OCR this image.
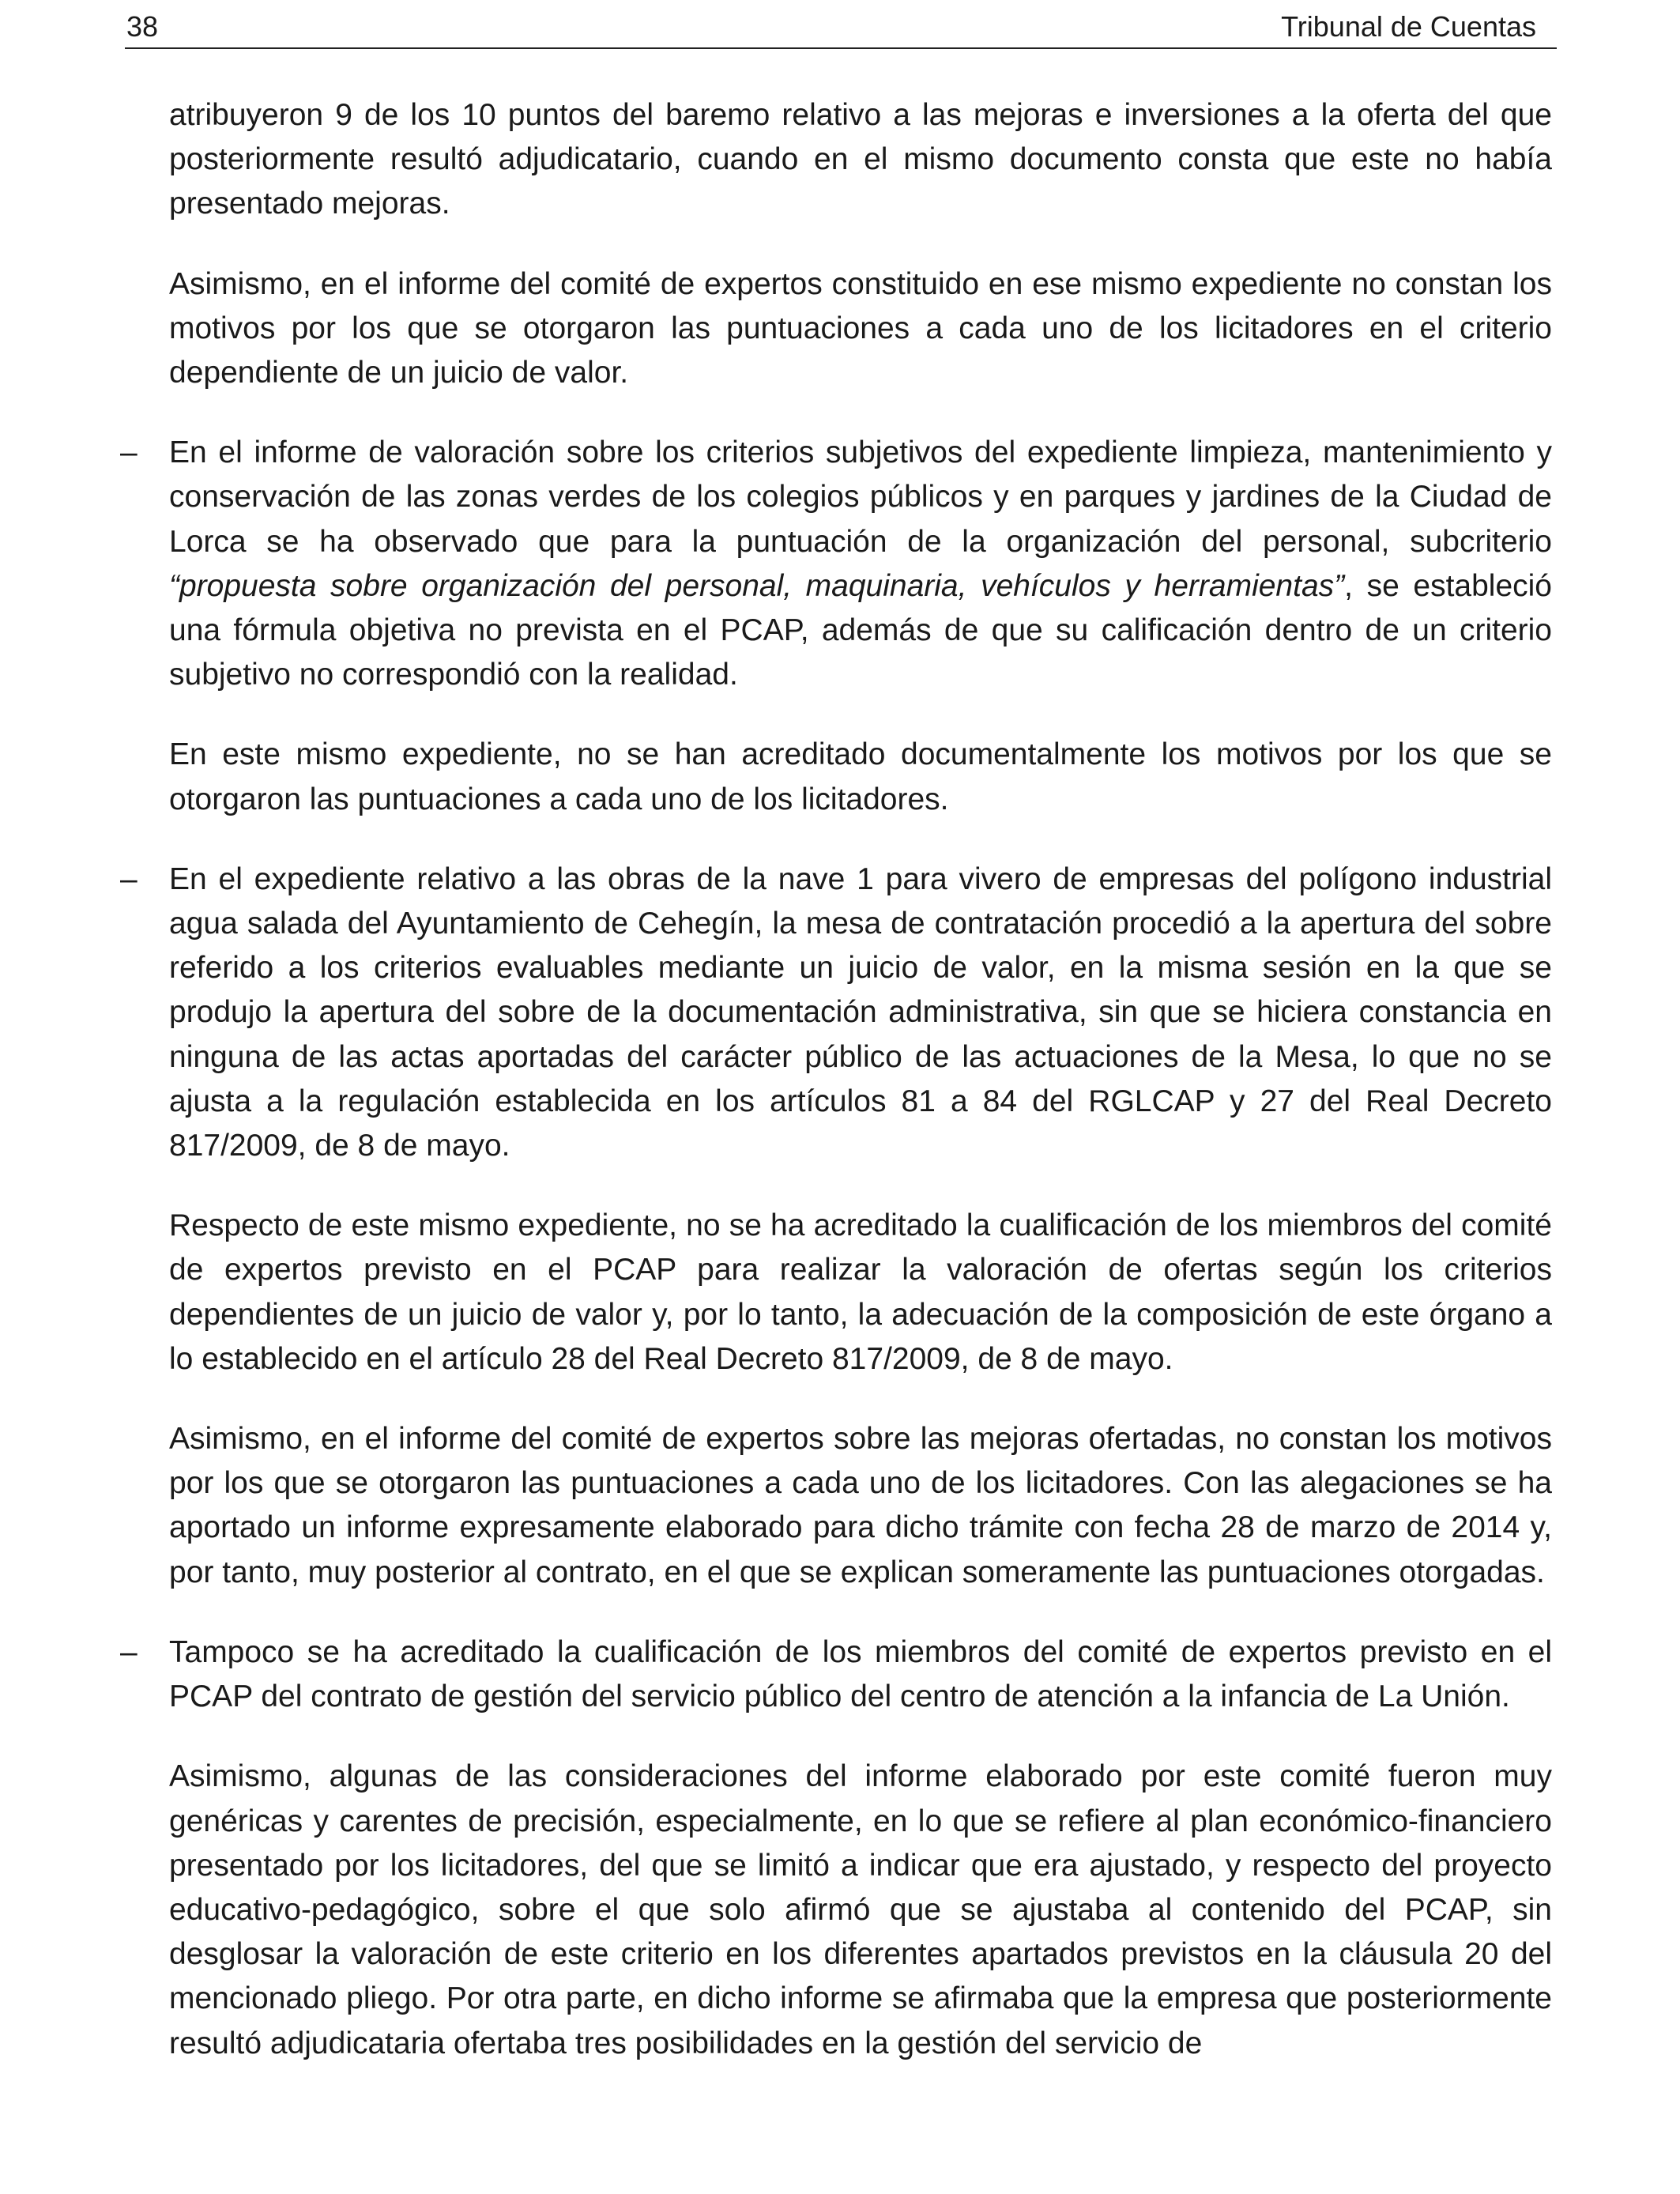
38	Tribunal de Cuentas

atribuyeron 9 de los 10 puntos del baremo relativo a las mejoras e inversiones a la oferta del que posteriormente resultó adjudicatario, cuando en el mismo documento consta que este no había presentado mejoras.

Asimismo, en el informe del comité de expertos constituido en ese mismo expediente no constan los motivos por los que se otorgaron las puntuaciones a cada uno de los licitadores en el criterio dependiente de un juicio de valor.

– En el informe de valoración sobre los criterios subjetivos del expediente limpieza, mantenimiento y conservación de las zonas verdes de los colegios públicos y en parques y jardines de la Ciudad de Lorca se ha observado que para la puntuación de la organización del personal, subcriterio “propuesta sobre organización del personal, maquinaria, vehículos y herramientas”, se estableció una fórmula objetiva no prevista en el PCAP, además de que su calificación dentro de un criterio subjetivo no correspondió con la realidad.

En este mismo expediente, no se han acreditado documentalmente los motivos por los que se otorgaron las puntuaciones a cada uno de los licitadores.

– En el expediente relativo a las obras de la nave 1 para vivero de empresas del polígono industrial agua salada del Ayuntamiento de Cehegín, la mesa de contratación procedió a la apertura del sobre referido a los criterios evaluables mediante un juicio de valor, en la misma sesión en la que se produjo la apertura del sobre de la documentación administrativa, sin que se hiciera constancia en ninguna de las actas aportadas del carácter público de las actuaciones de la Mesa, lo que no se ajusta a la regulación establecida en los artículos 81 a 84 del RGLCAP y 27 del Real Decreto 817/2009, de 8 de mayo.

Respecto de este mismo expediente, no se ha acreditado la cualificación de los miembros del comité de expertos previsto en el PCAP para realizar la valoración de ofertas según los criterios dependientes de un juicio de valor y, por lo tanto, la adecuación de la composición de este órgano a lo establecido en el artículo 28 del Real Decreto 817/2009, de 8 de mayo.

Asimismo, en el informe del comité de expertos sobre las mejoras ofertadas, no constan los motivos por los que se otorgaron las puntuaciones a cada uno de los licitadores. Con las alegaciones se ha aportado un informe expresamente elaborado para dicho trámite con fecha 28 de marzo de 2014 y, por tanto, muy posterior al contrato, en el que se explican someramente las puntuaciones otorgadas.

– Tampoco se ha acreditado la cualificación de los miembros del comité de expertos previsto en el PCAP del contrato de gestión del servicio público del centro de atención a la infancia de La Unión.

Asimismo, algunas de las consideraciones del informe elaborado por este comité fueron muy genéricas y carentes de precisión, especialmente, en lo que se refiere al plan económico-financiero presentado por los licitadores, del que se limitó a indicar que era ajustado, y respecto del proyecto educativo-pedagógico, sobre el que solo afirmó que se ajustaba al contenido del PCAP, sin desglosar la valoración de este criterio en los diferentes apartados previstos en la cláusula 20 del mencionado pliego. Por otra parte, en dicho informe se afirmaba que la empresa que posteriormente resultó adjudicataria ofertaba tres posibilidades en la gestión del servicio de
